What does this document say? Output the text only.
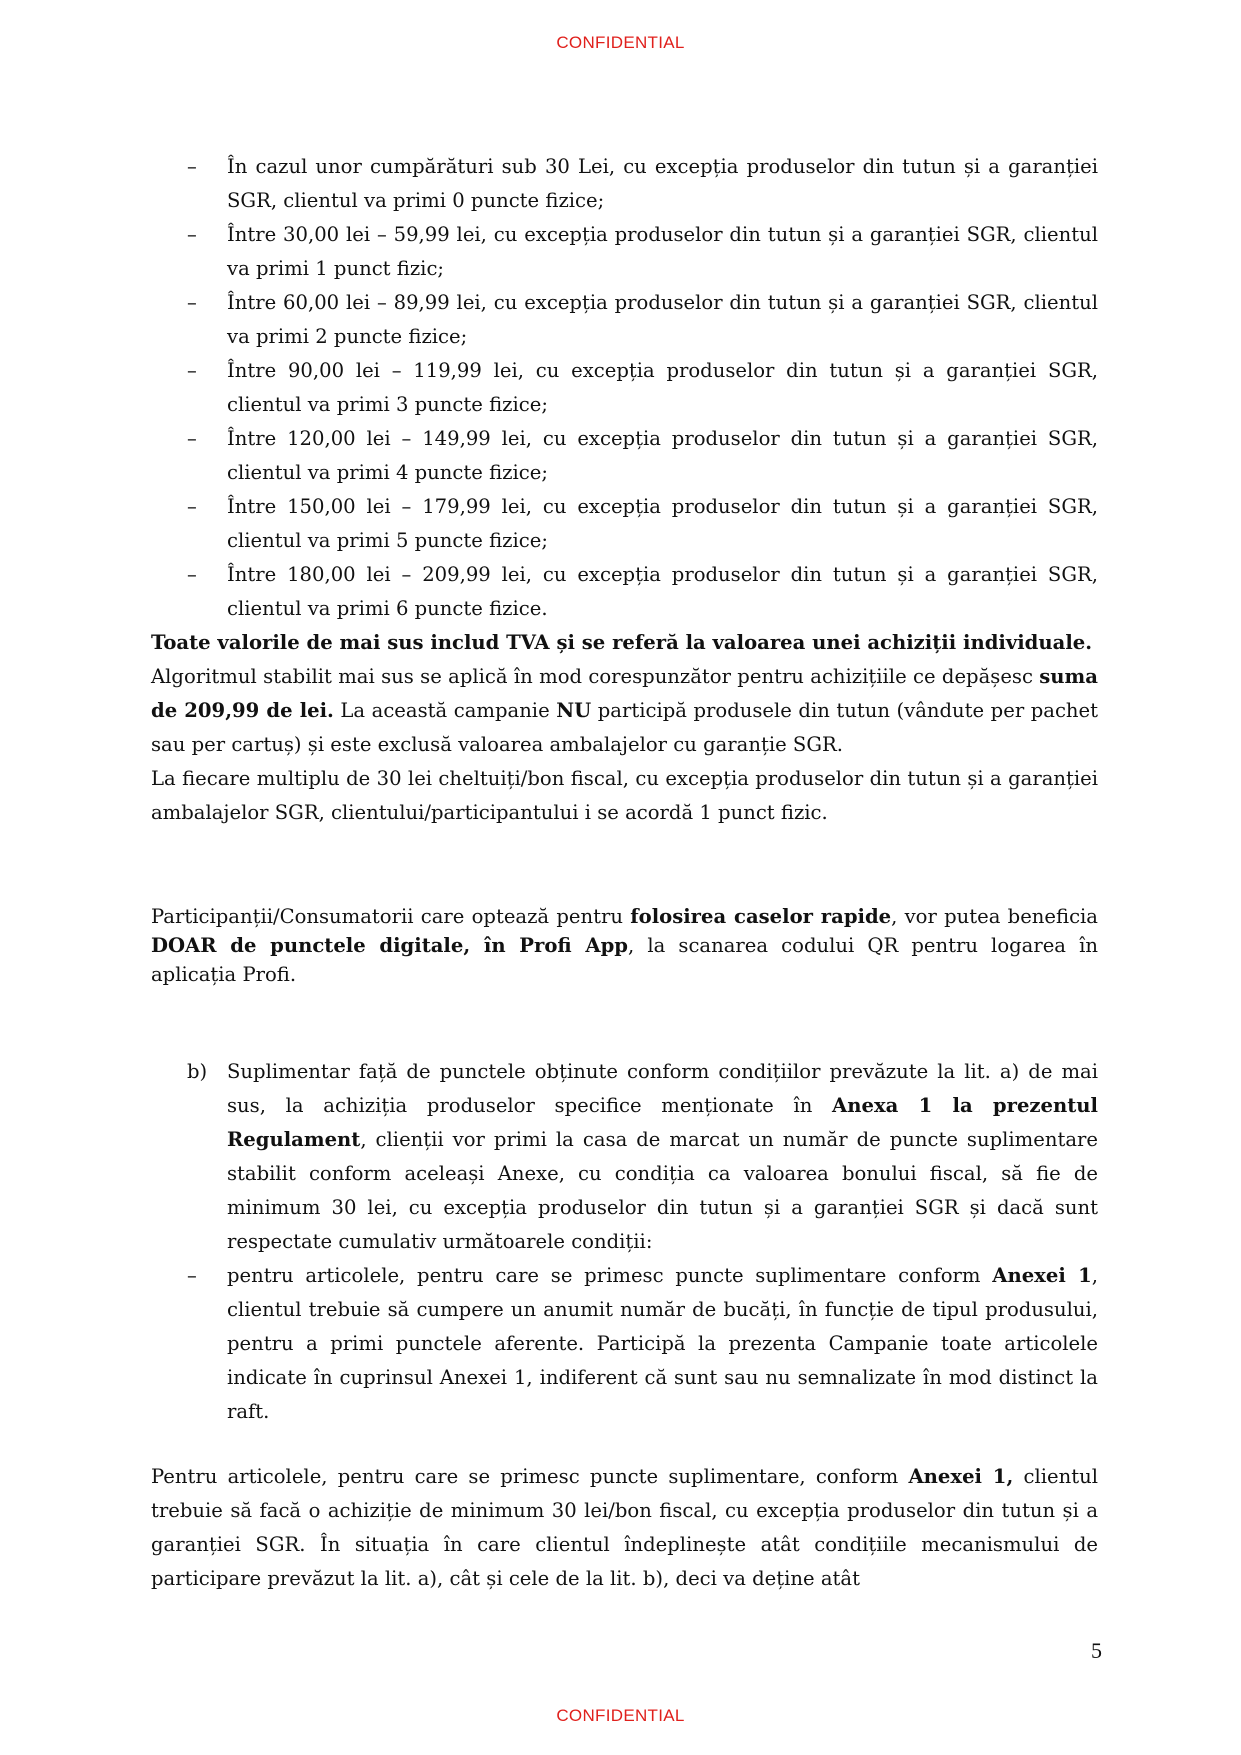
CONFIDENTIAL
–	În cazul unor cumpărături sub 30 Lei, cu excepția produselor din tutun și a garanției SGR, clientul va primi 0 puncte fizice;
–	Între 30,00 lei – 59,99 lei, cu excepția produselor din tutun și a garanției SGR, clientul va primi 1 punct fizic;
–	Între 60,00 lei – 89,99 lei, cu excepția produselor din tutun și a garanției SGR, clientul va primi 2 puncte fizice;
–	Între 90,00 lei – 119,99 lei, cu excepția produselor din tutun și a garanției SGR, clientul va primi 3 puncte fizice;
–	Între 120,00 lei – 149,99 lei, cu excepția produselor din tutun și a garanției SGR, clientul va primi 4 puncte fizice;
–	Între 150,00 lei – 179,99 lei, cu excepția produselor din tutun și a garanției SGR, clientul va primi 5 puncte fizice;
–	Între 180,00 lei – 209,99 lei, cu excepția produselor din tutun și a garanției SGR, clientul va primi 6 puncte fizice.

Toate valorile de mai sus includ TVA și se referă la valoarea unei achiziții individuale.

Algoritmul stabilit mai sus se aplică în mod corespunzător pentru achizițiile ce depășesc suma de 209,99 de lei. La această campanie NU participă produsele din tutun (vândute per pachet sau per cartuș) și este exclusă valoarea ambalajelor cu garanție SGR.

La fiecare multiplu de 30 lei cheltuiți/bon fiscal, cu excepția produselor din tutun și a garanției ambalajelor SGR, clientului/participantului i se acordă 1 punct fizic.

Participanții/Consumatorii care optează pentru folosirea caselor rapide, vor putea beneficia DOAR de punctele digitale, în Profi App, la scanarea codului QR pentru logarea în aplicația Profi.

b)	Suplimentar față de punctele obținute conform condițiilor prevăzute la lit. a) de mai sus, la achiziția produselor specifice menționate în Anexa 1 la prezentul Regulament, clienții vor primi la casa de marcat un număr de puncte suplimentare stabilit conform aceleași Anexe, cu condiția ca valoarea bonului fiscal, să fie de minimum 30 lei, cu excepția produselor din tutun și a garanției SGR și dacă sunt respectate cumulativ următoarele condiții:
–	pentru articolele, pentru care se primesc puncte suplimentare conform Anexei 1, clientul trebuie să cumpere un anumit număr de bucăți, în funcție de tipul produsului, pentru a primi punctele aferente. Participă la prezenta Campanie toate articolele indicate în cuprinsul Anexei 1, indiferent că sunt sau nu semnalizate în mod distinct la raft.

Pentru articolele, pentru care se primesc puncte suplimentare, conform Anexei 1, clientul trebuie să facă o achiziție de minimum 30 lei/bon fiscal, cu excepția produselor din tutun și a garanției SGR. În situația în care clientul îndeplinește atât condițiile mecanismului de participare prevăzut la lit. a), cât și cele de la lit. b), deci va deține atât

5
CONFIDENTIAL
